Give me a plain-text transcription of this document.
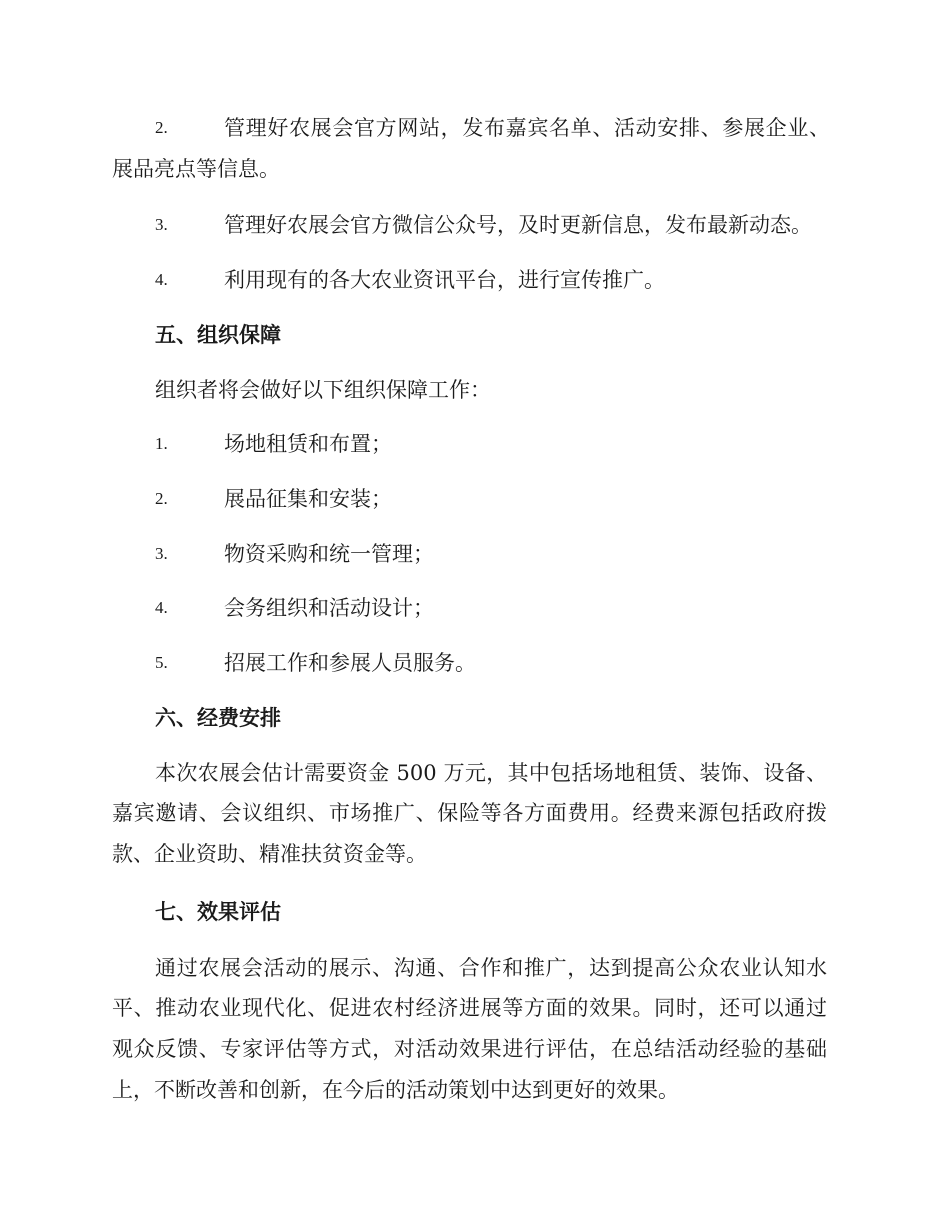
2.	管理好农展会官方网站，发布嘉宾名单、活动安排、参展企业、
展品亮点等信息。
3.	管理好农展会官方微信公众号，及时更新信息，发布最新动态。
4.	利用现有的各大农业资讯平台，进行宣传推广。
五、组织保障
组织者将会做好以下组织保障工作：
1.	场地租赁和布置；
2.	展品征集和安装；
3.	物资采购和统一管理；
4.	会务组织和活动设计；
5.	招展工作和参展人员服务。
六、经费安排
本次农展会估计需要资金 500 万元，其中包括场地租赁、装饰、设备、
嘉宾邀请、会议组织、市场推广、保险等各方面费用。经费来源包括政府拨
款、企业资助、精准扶贫资金等。
七、效果评估
通过农展会活动的展示、沟通、合作和推广，达到提高公众农业认知水
平、推动农业现代化、促进农村经济进展等方面的效果。同时，还可以通过
观众反馈、专家评估等方式，对活动效果进行评估，在总结活动经验的基础
上，不断改善和创新，在今后的活动策划中达到更好的效果。
